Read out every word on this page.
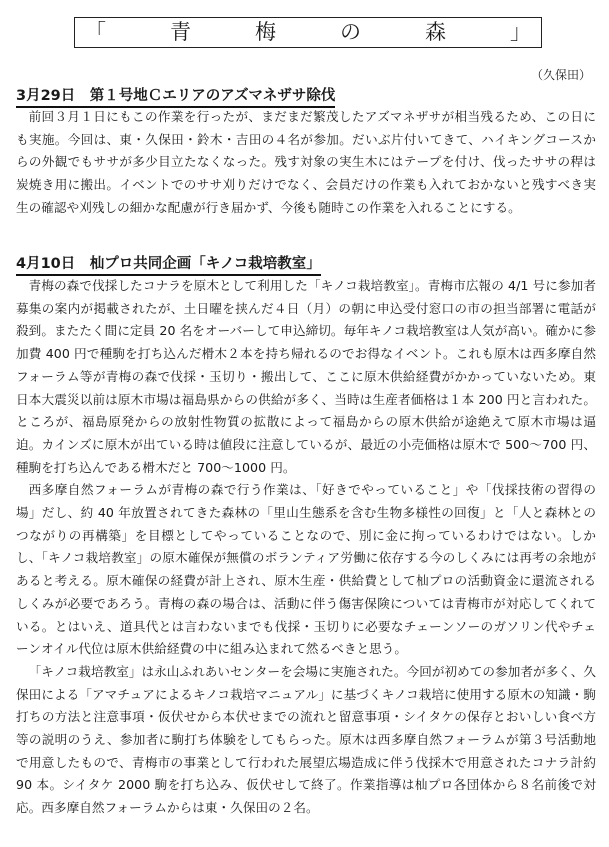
「	青	梅	の	森	」
（久保田）
3月29日　第１号地Ｃエリアのアズマネザサ除伐

前回３月１日にもこの作業を行ったが、まだまだ繁茂したアズマネザサが相当残るため、この日にも実施。今回は、東・久保田・鈴木・吉田の４名が参加。だいぶ片付いてきて、ハイキングコースからの外観でもササが多少目立たなくなった。残す対象の実生木にはテープを付け、伐ったササの稈は炭焼き用に搬出。イベントでのササ刈りだけでなく、会員だけの作業も入れておかないと残すべき実生の確認や刈残しの細かな配慮が行き届かず、今後も随時この作業を入れることにする。

4月10日　杣プロ共同企画「キノコ栽培教室」

青梅の森で伐採したコナラを原木として利用した「キノコ栽培教室」。青梅市広報の 4/1 号に参加者募集の案内が掲載されたが、土日曜を挟んだ４日（月）の朝に申込受付窓口の市の担当部署に電話が殺到。またたく間に定員 20 名をオーバーして申込締切。毎年キノコ栽培教室は人気が高い。確かに参加費 400 円で種駒を打ち込んだ榾木２本を持ち帰れるのでお得なイベント。これも原木は西多摩自然フォーラム等が青梅の森で伐採・玉切り・搬出して、ここに原木供給経費がかかっていないため。東日本大震災以前は原木市場は福島県からの供給が多く、当時は生産者価格は１本 200 円と言われた。ところが、福島原発からの放射性物質の拡散によって福島からの原木供給が途絶えて原木市場は逼迫。カインズに原木が出ている時は値段に注意しているが、最近の小売価格は原木で 500～700 円、種駒を打ち込んである榾木だと 700～1000 円。

西多摩自然フォーラムが青梅の森で行う作業は、「好きでやっていること」や「伐採技術の習得の場」だし、約 40 年放置されてきた森林の「里山生態系を含む生物多様性の回復」と「人と森林とのつながりの再構築」を目標としてやっていることなので、別に金に拘っているわけではない。しかし、「キノコ栽培教室」の原木確保が無償のボランティア労働に依存する今のしくみには再考の余地があると考える。原木確保の経費が計上され、原木生産・供給費として杣プロの活動資金に還流されるしくみが必要であろう。青梅の森の場合は、活動に伴う傷害保険については青梅市が対応してくれている。とはいえ、道具代とは言わないまでも伐採・玉切りに必要なチェーンソーのガソリン代やチェーンオイル代位は原木供給経費の中に組み込まれて然るべきと思う。

「キノコ栽培教室」は永山ふれあいセンターを会場に実施された。今回が初めての参加者が多く、久保田による「アマチュアによるキノコ栽培マニュアル」に基づくキノコ栽培に使用する原木の知識・駒打ちの方法と注意事項・仮伏せから本伏せまでの流れと留意事項・シイタケの保存とおいしい食べ方等の説明のうえ、参加者に駒打ち体験をしてもらった。原木は西多摩自然フォーラムが第３号活動地で用意したもので、青梅市の事業として行われた展望広場造成に伴う伐採木で用意されたコナラ計約 90 本。シイタケ 2000 駒を打ち込み、仮伏せして終了。作業指導は杣プロ各団体から８名前後で対応。西多摩自然フォーラムからは東・久保田の２名。
